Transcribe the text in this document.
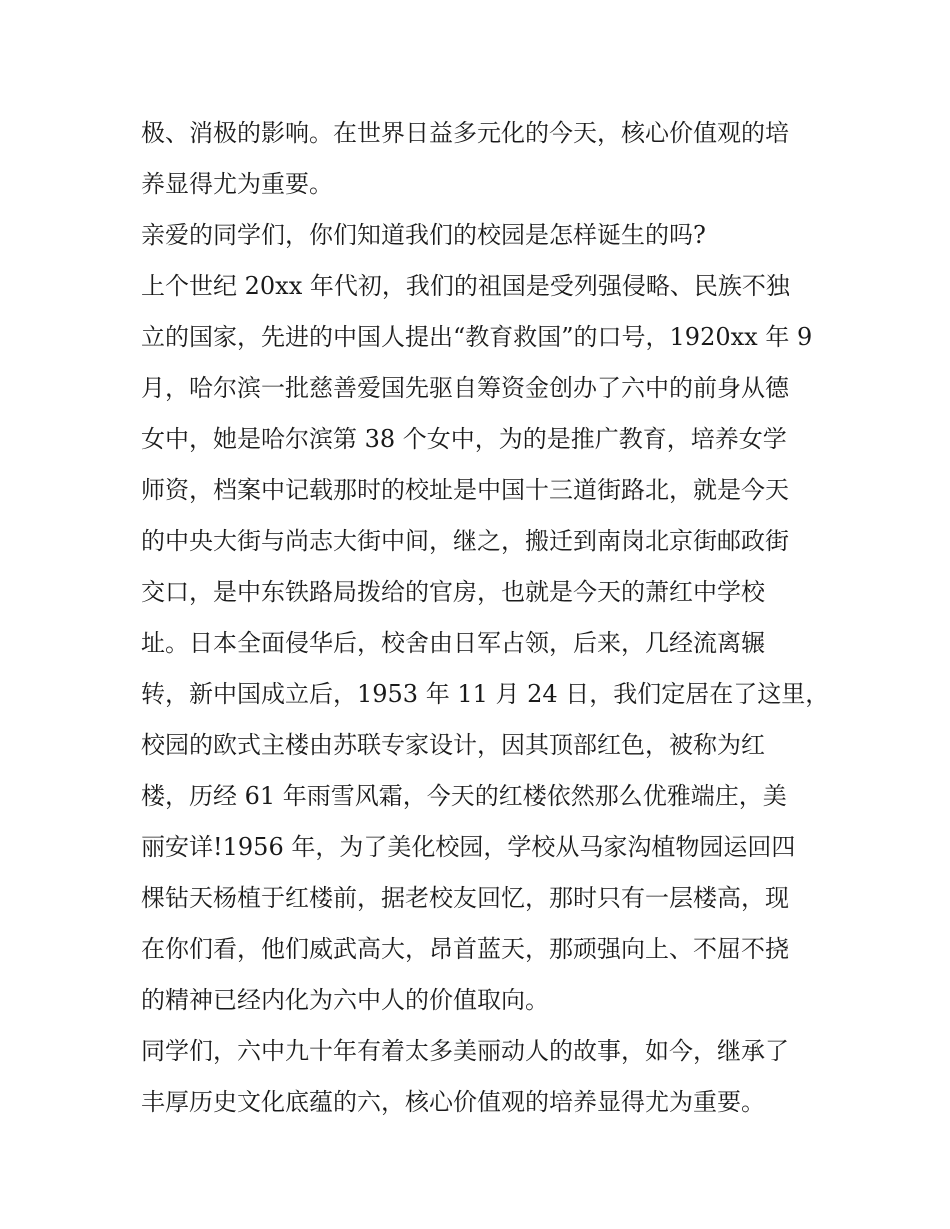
极、消极的影响。在世界日益多元化的今天，核心价值观的培
养显得尤为重要。
亲爱的同学们，你们知道我们的校园是怎样诞生的吗?
上个世纪 20xx 年代初，我们的祖国是受列强侵略、民族不独
立的国家，先进的中国人提出“教育救国”的口号，1920xx 年 9
月，哈尔滨一批慈善爱国先驱自筹资金创办了六中的前身从德
女中，她是哈尔滨第 38 个女中，为的是推广教育，培养女学
师资，档案中记载那时的校址是中国十三道街路北，就是今天
的中央大街与尚志大街中间，继之，搬迁到南岗北京街邮政街
交口，是中东铁路局拨给的官房，也就是今天的萧红中学校
址。日本全面侵华后，校舍由日军占领，后来，几经流离辗
转，新中国成立后，1953 年 11 月 24 日，我们定居在了这里，
校园的欧式主楼由苏联专家设计，因其顶部红色，被称为红
楼，历经 61 年雨雪风霜，今天的红楼依然那么优雅端庄，美
丽安详!1956 年，为了美化校园，学校从马家沟植物园运回四
棵钻天杨植于红楼前，据老校友回忆，那时只有一层楼高，现
在你们看，他们威武高大，昂首蓝天，那顽强向上、不屈不挠
的精神已经内化为六中人的价值取向。
同学们，六中九十年有着太多美丽动人的故事，如今，继承了
丰厚历史文化底蕴的六，核心价值观的培养显得尤为重要。
